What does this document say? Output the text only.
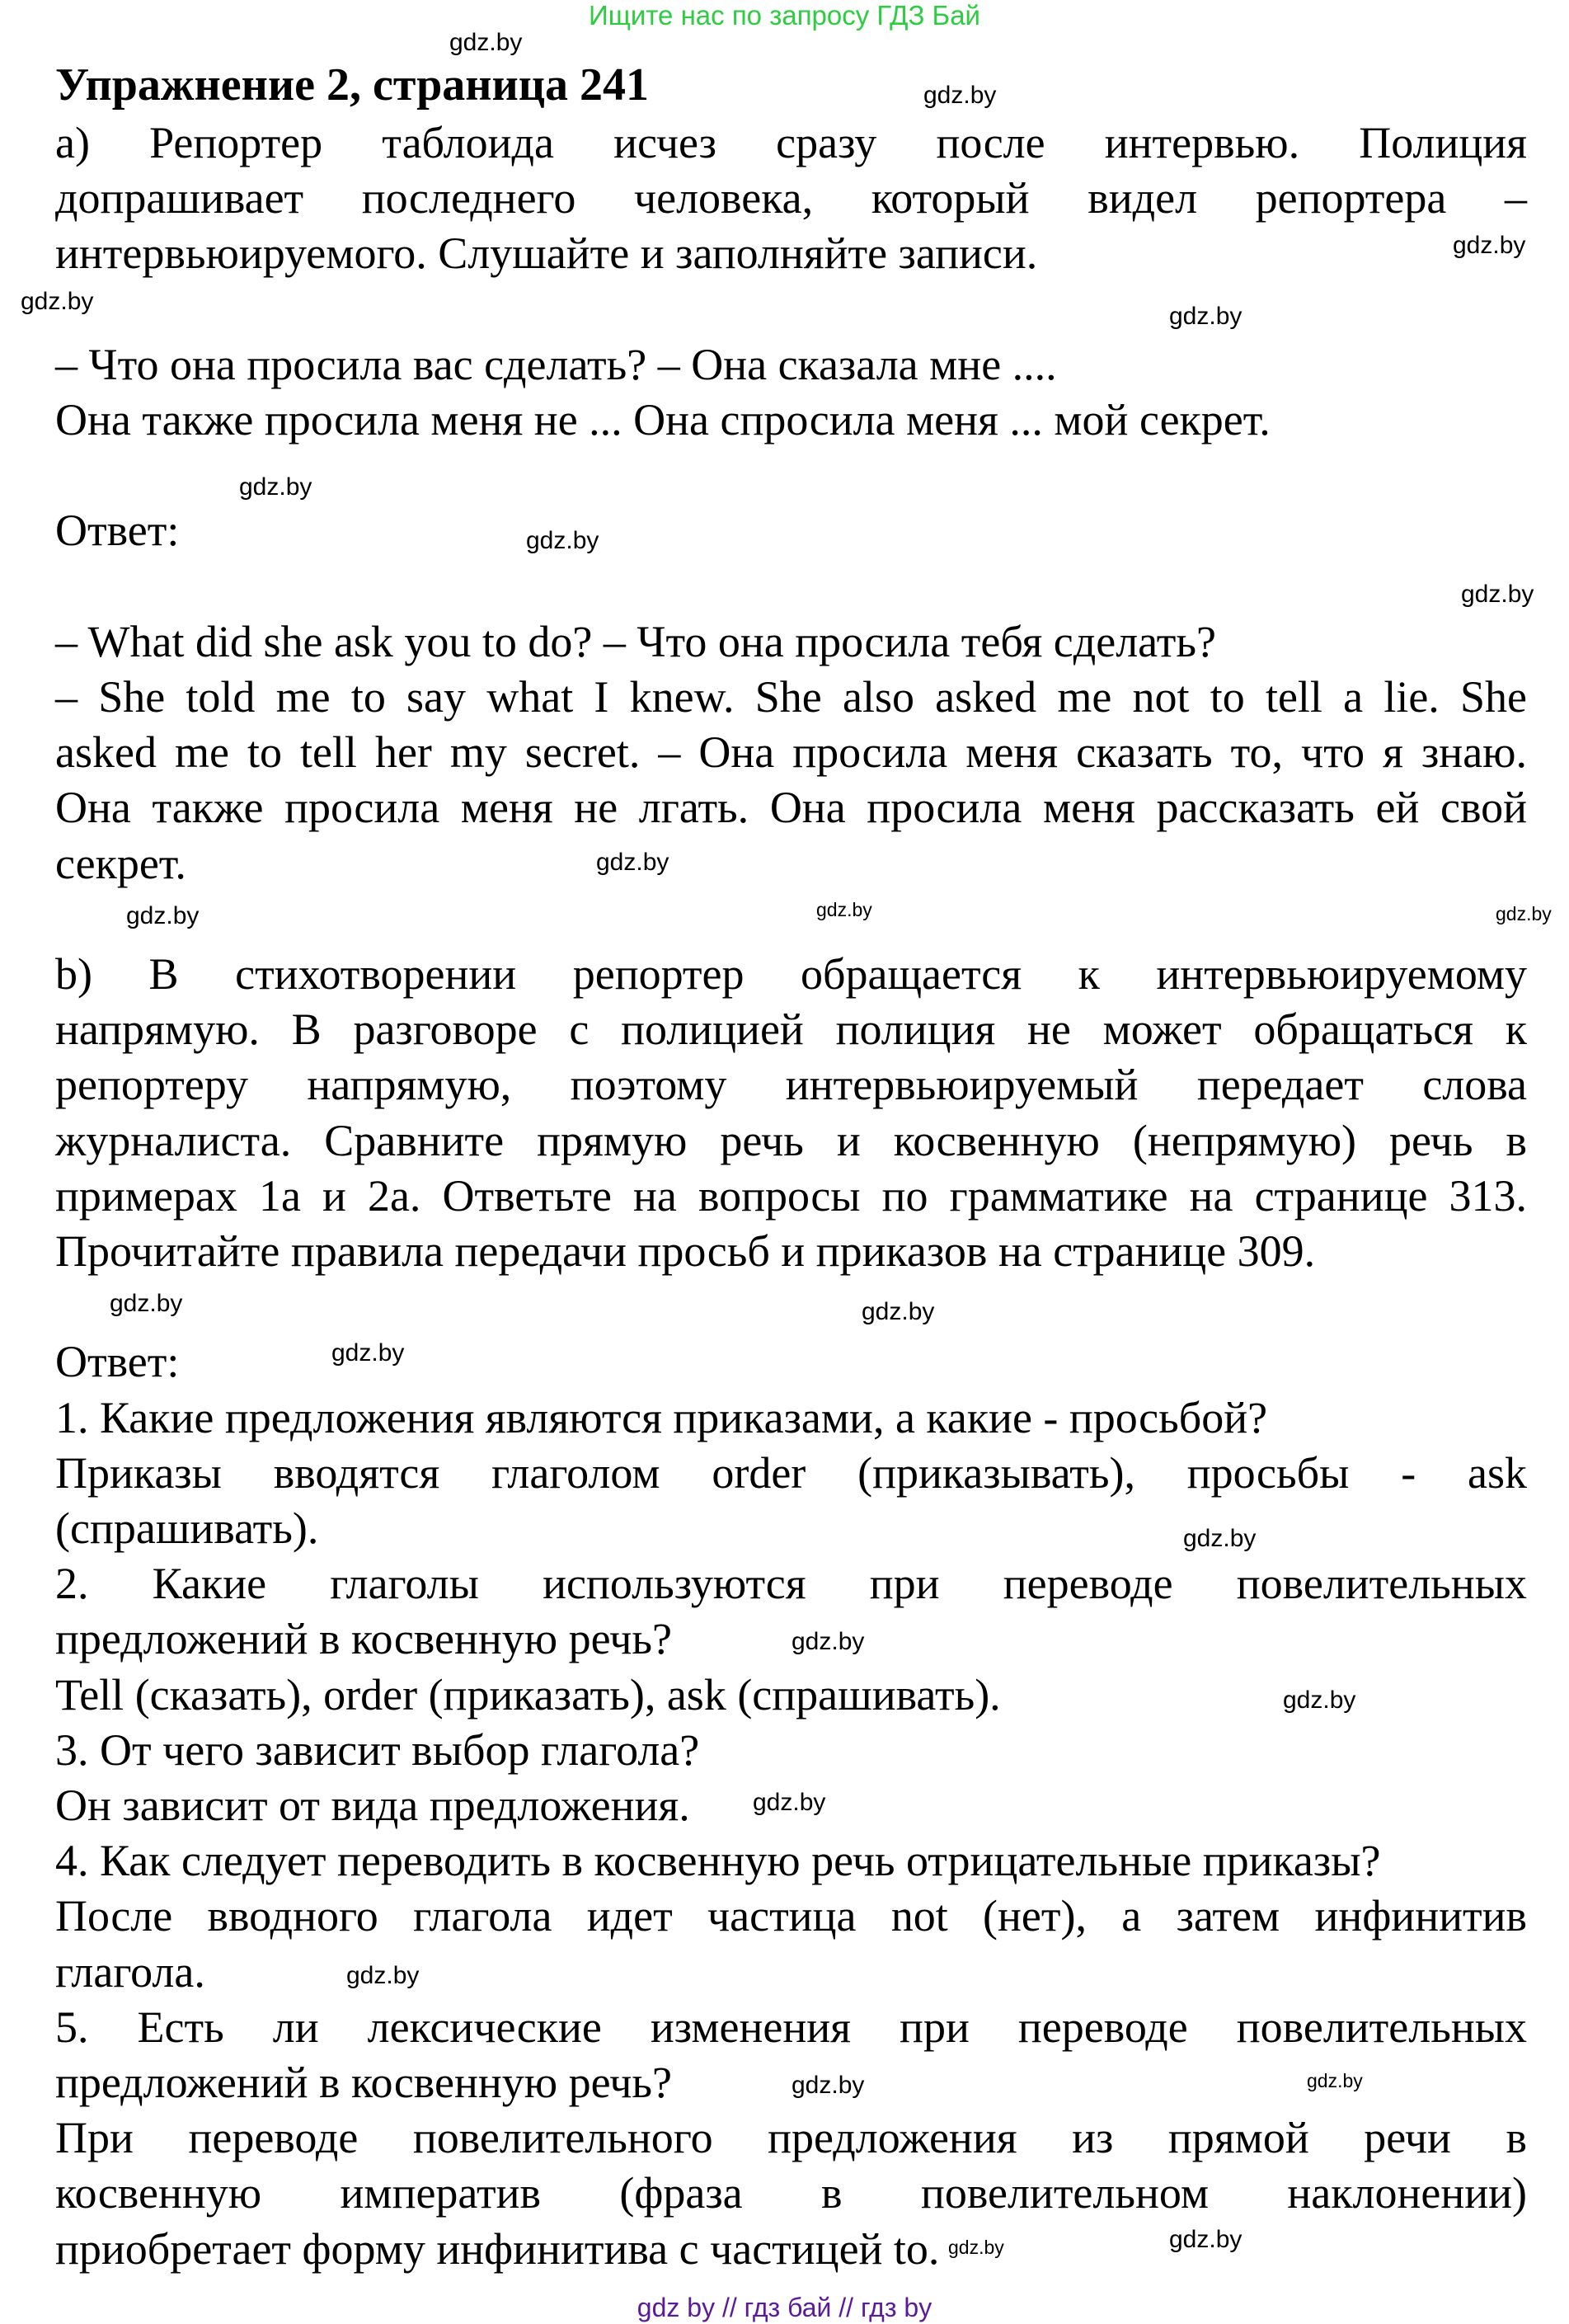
Ищите нас по запросу ГДЗ Бай
Упражнение 2, страница 241
а) Репортер таблоида исчез сразу после интервью. Полиция
допрашивает последнего человека, который видел репортера –
интервьюируемого. Слушайте и заполняйте записи.
– Что она просила вас сделать? – Она сказала мне ....
Она также просила меня не ... Она спросила меня ... мой секрет.
Ответ:
– What did she ask you to do? – Что она просила тебя сделать?
– She told me to say what I knew. She also asked me not to tell a lie. She
asked me to tell her my secret. – Она просила меня сказать то, что я знаю.
Она также просила меня не лгать. Она просила меня рассказать ей свой
секрет.
b) В стихотворении репортер обращается к интервьюируемому
напрямую. В разговоре с полицией полиция не может обращаться к
репортеру напрямую, поэтому интервьюируемый передает слова
журналиста. Сравните прямую речь и косвенную (непрямую) речь в
примерах 1а и 2а. Ответьте на вопросы по грамматике на странице 313.
Прочитайте правила передачи просьб и приказов на странице 309.
Ответ:
1. Какие предложения являются приказами, а какие - просьбой?
Приказы вводятся глаголом order (приказывать), просьбы - ask
(спрашивать).
2. Какие глаголы используются при переводе повелительных
предложений в косвенную речь?
Tell (сказать), order (приказать), ask (спрашивать).
3. От чего зависит выбор глагола?
Он зависит от вида предложения.
4. Как следует переводить в косвенную речь отрицательные приказы?
После вводного глагола идет частица not (нет), а затем инфинитив
глагола.
5. Есть ли лексические изменения при переводе повелительных
предложений в косвенную речь?
При переводе повелительного предложения из прямой речи в
косвенную императив (фраза в повелительном наклонении)
приобретает форму инфинитива с частицей to.
gdz.by
gdz.by
gdz.by
gdz.by
gdz.by
gdz.by
gdz.by
gdz.by
gdz.by
gdz.by
gdz.by	gdz.by
gdz.by	gdz.by
gdz.by
gdz.by
gdz.by
gdz.by
gdz.by
gdz.by
gdz.by
gdz.by
gdz.by	gdz.by
gdz by // гдз бай // гдз by
